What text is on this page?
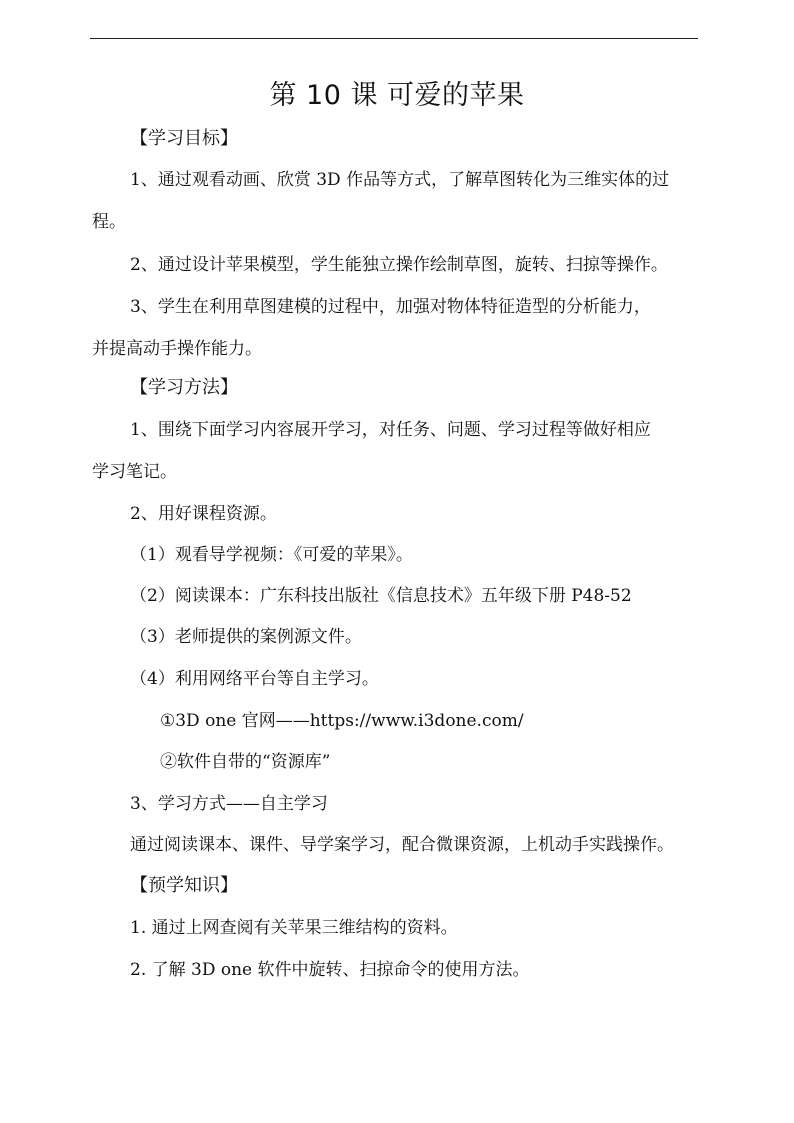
第 10 课 可爱的苹果
【学习目标】
1、通过观看动画、欣赏 3D 作品等方式，了解草图转化为三维实体的过
程。
2、通过设计苹果模型，学生能独立操作绘制草图，旋转、扫掠等操作。
3、学生在利用草图建模的过程中，加强对物体特征造型的分析能力，
并提高动手操作能力。
【学习方法】
1、围绕下面学习内容展开学习，对任务、问题、学习过程等做好相应
学习笔记。
2、用好课程资源。
（1）观看导学视频：《可爱的苹果》。
（2）阅读课本：广东科技出版社《信息技术》五年级下册 P48-52
（3）老师提供的案例源文件。
（4）利用网络平台等自主学习。
①3D one 官网——https://www.i3done.com/
②软件自带的“资源库”
3、学习方式——自主学习
通过阅读课本、课件、导学案学习，配合微课资源，上机动手实践操作。
【预学知识】
1. 通过上网查阅有关苹果三维结构的资料。
2. 了解 3D one 软件中旋转、扫掠命令的使用方法。
